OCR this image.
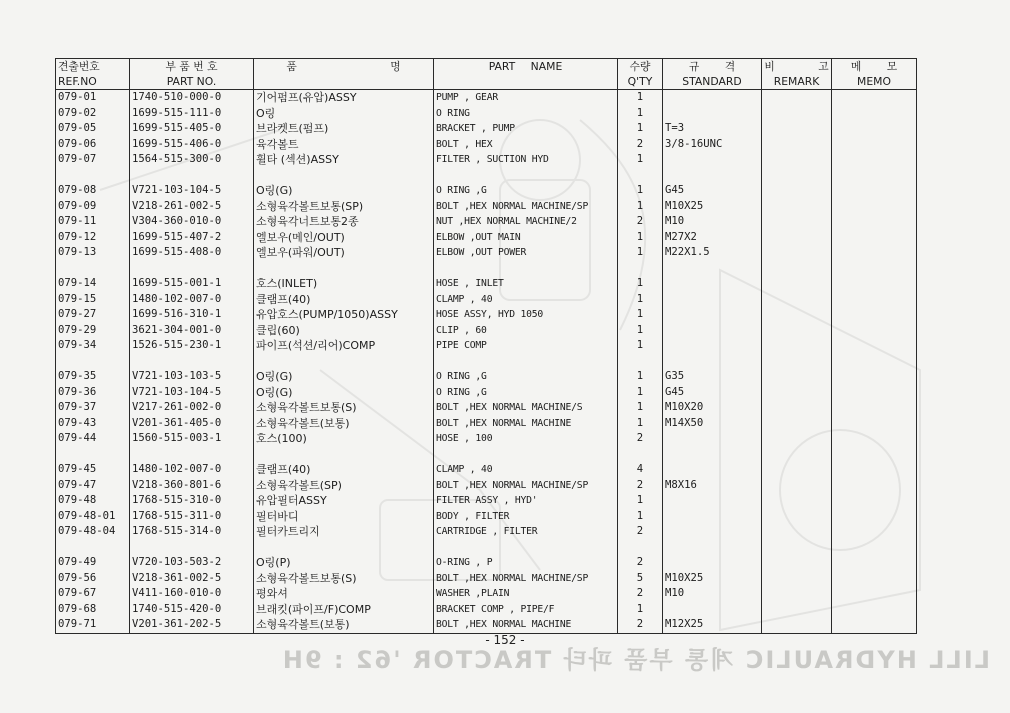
견출번호	부 품 번 호	품 명	PART NAME	수량	규 격	비 고	메 모
REF.NO	PART NO.			Q'TY	STANDARD	REMARK	MEMO
079-01	1740-510-000-0	기어펌프(유압)ASSY	PUMP , GEAR	1			
079-02	1699-515-111-0	O링	O RING	1			
079-05	1699-515-405-0	브라켓트(펌프)	BRACKET , PUMP	1	T=3		
079-06	1699-515-406-0	육각볼트	BOLT , HEX	2	3/8-16UNC		
079-07	1564-515-300-0	휠타 (섹션)ASSY	FILTER , SUCTION HYD	1			

079-08	V721-103-104-5	O링(G)	O RING ,G	1	G45		
079-09	V218-261-002-5	소형육각볼트보통(SP)	BOLT ,HEX NORMAL MACHINE/SP	1	M10X25		
079-11	V304-360-010-0	소형육각너트보통2종	NUT ,HEX NORMAL MACHINE/2	2	M10		
079-12	1699-515-407-2	엘보우(메인/OUT)	ELBOW ,OUT MAIN	1	M27X2		
079-13	1699-515-408-0	엘보우(파워/OUT)	ELBOW ,OUT POWER	1	M22X1.5		

079-14	1699-515-001-1	호스(INLET)	HOSE , INLET	1			
079-15	1480-102-007-0	클램프(40)	CLAMP , 40	1			
079-27	1699-516-310-1	유압호스(PUMP/1050)ASSY	HOSE ASSY, HYD 1050	1			
079-29	3621-304-001-0	클립(60)	CLIP , 60	1			
079-34	1526-515-230-1	파이프(석션/리어)COMP	PIPE COMP	1			

079-35	V721-103-103-5	O링(G)	O RING ,G	1	G35		
079-36	V721-103-104-5	O링(G)	O RING ,G	1	G45		
079-37	V217-261-002-0	소형육각볼트보통(S)	BOLT ,HEX NORMAL MACHINE/S	1	M10X20		
079-43	V201-361-405-0	소형육각볼트(보통)	BOLT ,HEX NORMAL MACHINE	1	M14X50		
079-44	1560-515-003-1	호스(100)	HOSE , 100	2			

079-45	1480-102-007-0	클램프(40)	CLAMP , 40	4			
079-47	V218-360-801-6	소형육각볼트(SP)	BOLT ,HEX NORMAL MACHINE/SP	2	M8X16		
079-48	1768-515-310-0	유압필터ASSY	FILTER ASSY , HYD'	1			
079-48-01	1768-515-311-0	필터바디	BODY , FILTER	1			
079-48-04	1768-515-314-0	필터카트리지	CARTRIDGE , FILTER	2			

079-49	V720-103-503-2	O링(P)	O-RING , P	2			
079-56	V218-361-002-5	소형육각볼트보통(S)	BOLT ,HEX NORMAL MACHINE/SP	5	M10X25		
079-67	V411-160-010-0	평와셔	WASHER ,PLAIN	2	M10		
079-68	1740-515-420-0	브래킷(파이프/F)COMP	BRACKET COMP , PIPE/F	1			
079-71	V201-361-202-5	소형육각볼트(보통)	BOLT ,HEX NORMAL MACHINE	2	M12X25		
- 152 -
LILL HYDRAULIC 계통 부품 파타 TRACTOR '62 : 9H
